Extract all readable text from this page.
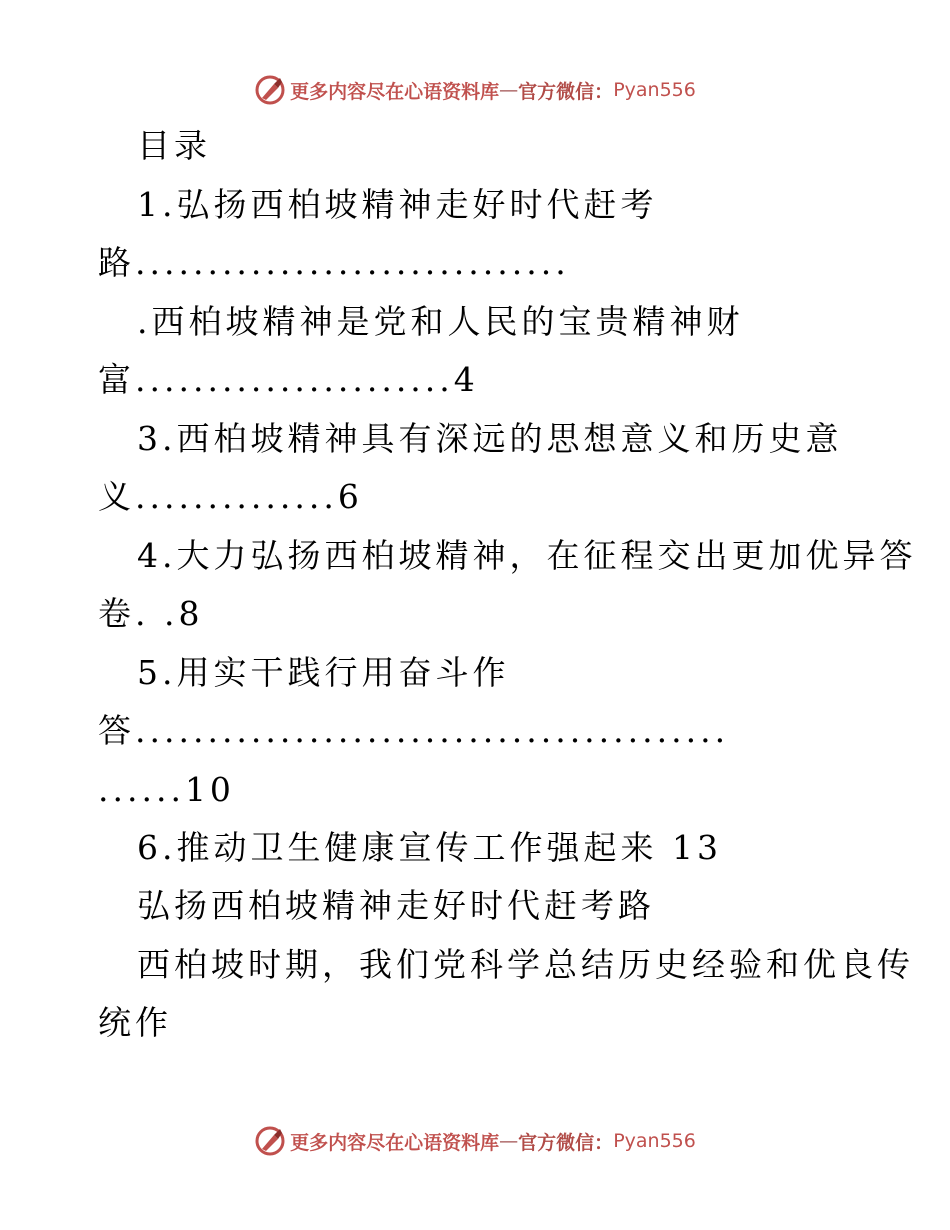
更多内容尽在心语资料库 — 官方微信： Pyan556
目录
1.弘扬西柏坡精神走好时代赶考
路..............................
.西柏坡精神是党和人民的宝贵精神财
富......................4
3.西柏坡精神具有深远的思想意义和历史意
义..............6
4.大力弘扬西柏坡精神，在征程交出更加优异答
卷. .8
5.用实干践行用奋斗作
答.........................................
......10
6.推动卫生健康宣传工作强起来 13
弘扬西柏坡精神走好时代赶考路
西柏坡时期，我们党科学总结历史经验和优良传
统作
更多内容尽在心语资料库 — 官方微信： Pyan556
